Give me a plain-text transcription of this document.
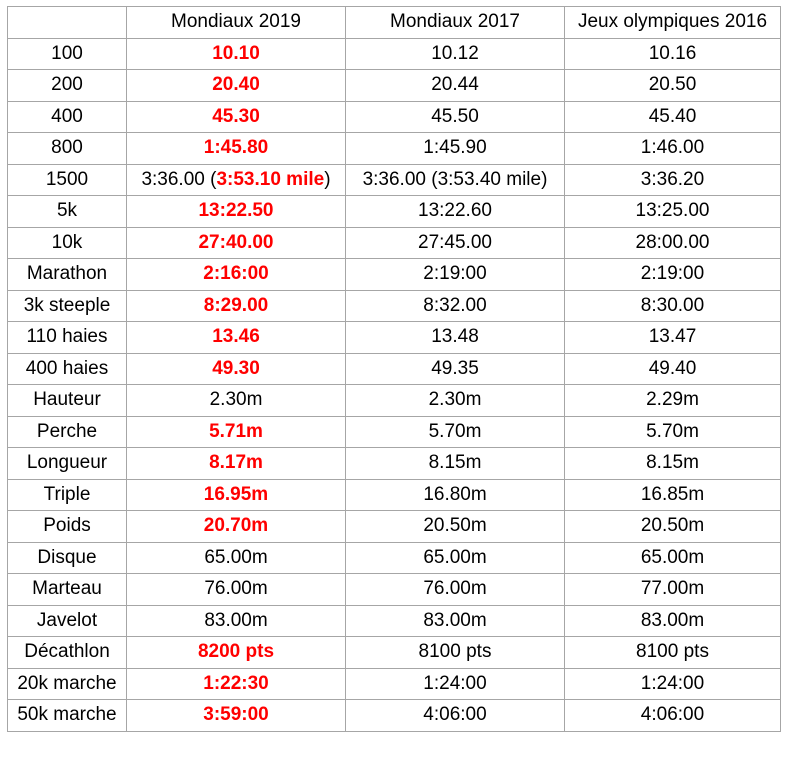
	Mondiaux 2019	Mondiaux 2017	Jeux olympiques 2016
100	10.10	10.12	10.16
200	20.40	20.44	20.50
400	45.30	45.50	45.40
800	1:45.80	1:45.90	1:46.00
1500	3:36.00 (3:53.10 mile)	3:36.00 (3:53.40 mile)	3:36.20
5k	13:22.50	13:22.60	13:25.00
10k	27:40.00	27:45.00	28:00.00
Marathon	2:16:00	2:19:00	2:19:00
3k steeple	8:29.00	8:32.00	8:30.00
110 haies	13.46	13.48	13.47
400 haies	49.30	49.35	49.40
Hauteur	2.30m	2.30m	2.29m
Perche	5.71m	5.70m	5.70m
Longueur	8.17m	8.15m	8.15m
Triple	16.95m	16.80m	16.85m
Poids	20.70m	20.50m	20.50m
Disque	65.00m	65.00m	65.00m
Marteau	76.00m	76.00m	77.00m
Javelot	83.00m	83.00m	83.00m
Décathlon	8200 pts	8100 pts	8100 pts
20k marche	1:22:30	1:24:00	1:24:00
50k marche	3:59:00	4:06:00	4:06:00
